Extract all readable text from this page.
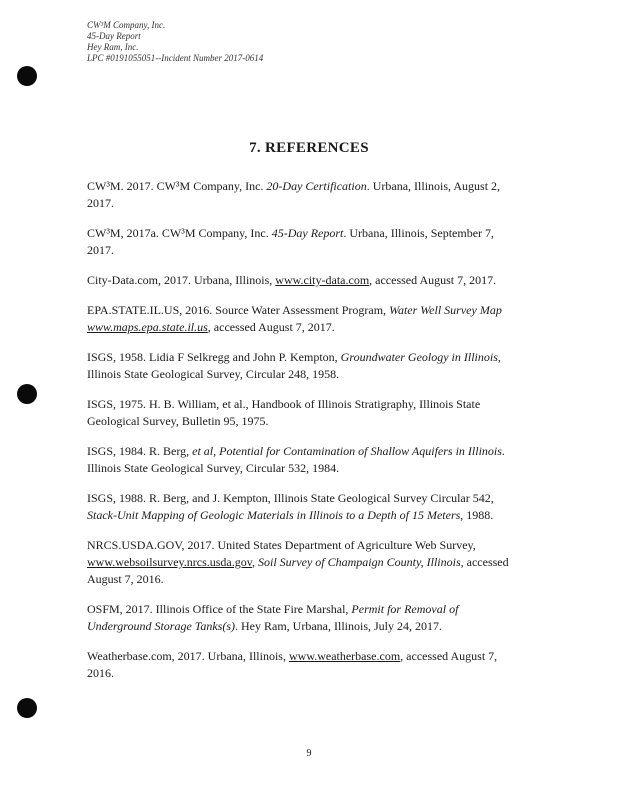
CW³M Company, Inc.
45-Day Report
Hey Ram, Inc.
LPC #0191055051--Incident Number 2017-0614
7. REFERENCES

CW³M. 2017. CW³M Company, Inc. 20-Day Certification. Urbana, Illinois, August 2, 2017.

CW³M, 2017a. CW³M Company, Inc. 45-Day Report. Urbana, Illinois, September 7, 2017.

City-Data.com, 2017. Urbana, Illinois, www.city-data.com, accessed August 7, 2017.

EPA.STATE.IL.US, 2016. Source Water Assessment Program, Water Well Survey Map www.maps.epa.state.il.us, accessed August 7, 2017.

ISGS, 1958. Lidia F Selkregg and John P. Kempton, Groundwater Geology in Illinois, Illinois State Geological Survey, Circular 248, 1958.

ISGS, 1975. H. B. William, et al., Handbook of Illinois Stratigraphy, Illinois State Geological Survey, Bulletin 95, 1975.

ISGS, 1984. R. Berg, et al, Potential for Contamination of Shallow Aquifers in Illinois. Illinois State Geological Survey, Circular 532, 1984.

ISGS, 1988. R. Berg, and J. Kempton, Illinois State Geological Survey Circular 542, Stack-Unit Mapping of Geologic Materials in Illinois to a Depth of 15 Meters, 1988.

NRCS.USDA.GOV, 2017. United States Department of Agriculture Web Survey, www.websoilsurvey.nrcs.usda.gov, Soil Survey of Champaign County, Illinois, accessed August 7, 2016.

OSFM, 2017. Illinois Office of the State Fire Marshal, Permit for Removal of Underground Storage Tanks(s). Hey Ram, Urbana, Illinois, July 24, 2017.

Weatherbase.com, 2017. Urbana, Illinois, www.weatherbase.com, accessed August 7, 2016.

9
